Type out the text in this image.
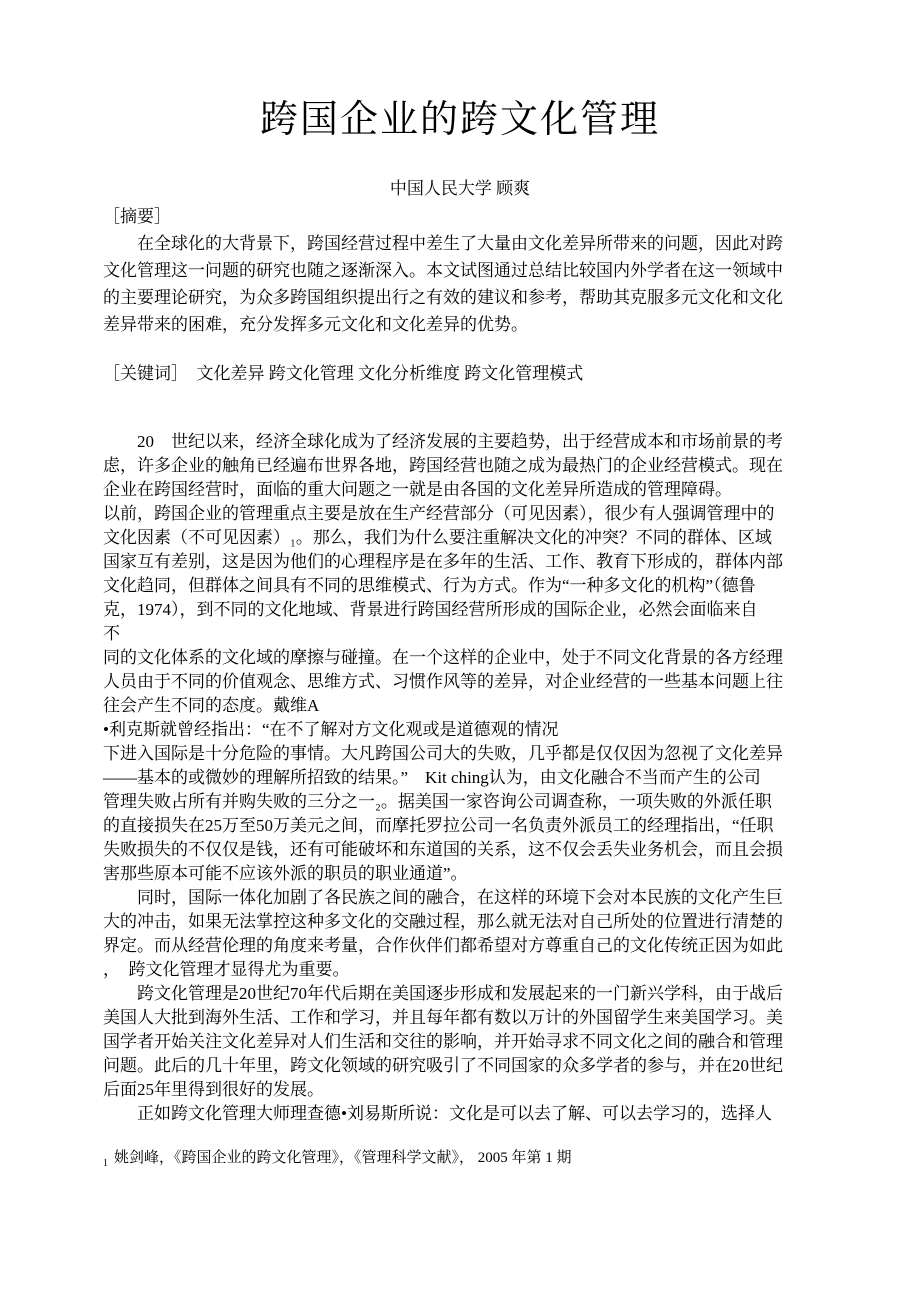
跨国企业的跨文化管理
中国人民大学 顾爽
［摘要］
　　在全球化的大背景下，跨国经营过程中差生了大量由文化差异所带来的问题，因此对跨
文化管理这一问题的研究也随之逐渐深入。本文试图通过总结比较国内外学者在这一领域中
的主要理论研究，为众多跨国组织提出行之有效的建议和参考，帮助其克服多元文化和文化
差异带来的困难，充分发挥多元文化和文化差异的优势。
［关键词］  文化差异 跨文化管理 文化分析维度 跨文化管理模式
　　20　世纪以来，经济全球化成为了经济发展的主要趋势，出于经营成本和市场前景的考
虑，许多企业的触角已经遍布世界各地，跨国经营也随之成为最热门的企业经营模式。现在
企业在跨国经营时，面临的重大问题之一就是由各国的文化差异所造成的管理障碍。
以前，跨国企业的管理重点主要是放在生产经营部分（可见因素），很少有人强调管理中的
文化因素（不可见因素）₁。那么，我们为什么要注重解决文化的冲突？不同的群体、区域
国家互有差别，这是因为他们的心理程序是在多年的生活、工作、教育下形成的，群体内部
文化趋同，但群体之间具有不同的思维模式、行为方式。作为“一种多文化的机构”（德鲁
克，1974），到不同的文化地域、背景进行跨国经营所形成的国际企业，必然会面临来自
不
同的文化体系的文化域的摩擦与碰撞。在一个这样的企业中，处于不同文化背景的各方经理
人员由于不同的价值观念、思维方式、习惯作风等的差异，对企业经营的一些基本问题上往
往会产生不同的态度。戴维A
•利克斯就曾经指出：“在不了解对方文化观或是道德观的情况
下进入国际是十分危险的事情。大凡跨国公司大的失败，几乎都是仅仅因为忽视了文化差异
——基本的或微妙的理解所招致的结果。”　Kit ching认为，由文化融合不当而产生的公司
管理失败占所有并购失败的三分之一₂。据美国一家咨询公司调查称，一项失败的外派任职
的直接损失在25万至50万美元之间，而摩托罗拉公司一名负责外派员工的经理指出，“任职
失败损失的不仅仅是钱，还有可能破坏和东道国的关系，这不仅会丢失业务机会，而且会损
害那些原本可能不应该外派的职员的职业通道”。
　　同时，国际一体化加剧了各民族之间的融合，在这样的环境下会对本民族的文化产生巨
大的冲击，如果无法掌控这种多文化的交融过程，那么就无法对自己所处的位置进行清楚的
界定。而从经营伦理的角度来考量，合作伙伴们都希望对方尊重自己的文化传统正因为如此
，　跨文化管理才显得尤为重要。
　　跨文化管理是20世纪70年代后期在美国逐步形成和发展起来的一门新兴学科，由于战后
美国人大批到海外生活、工作和学习，并且每年都有数以万计的外国留学生来美国学习。美
国学者开始关注文化差异对人们生活和交往的影响，并开始寻求不同文化之间的融合和管理
问题。此后的几十年里，跨文化领域的研究吸引了不同国家的众多学者的参与，并在20世纪
后面25年里得到很好的发展。
　　正如跨文化管理大师理查德•刘易斯所说：文化是可以去了解、可以去学习的，选择人
$_1$ 姚剑峰，《跨国企业的跨文化管理》，《管理科学文献》， 2005 年第 1 期
